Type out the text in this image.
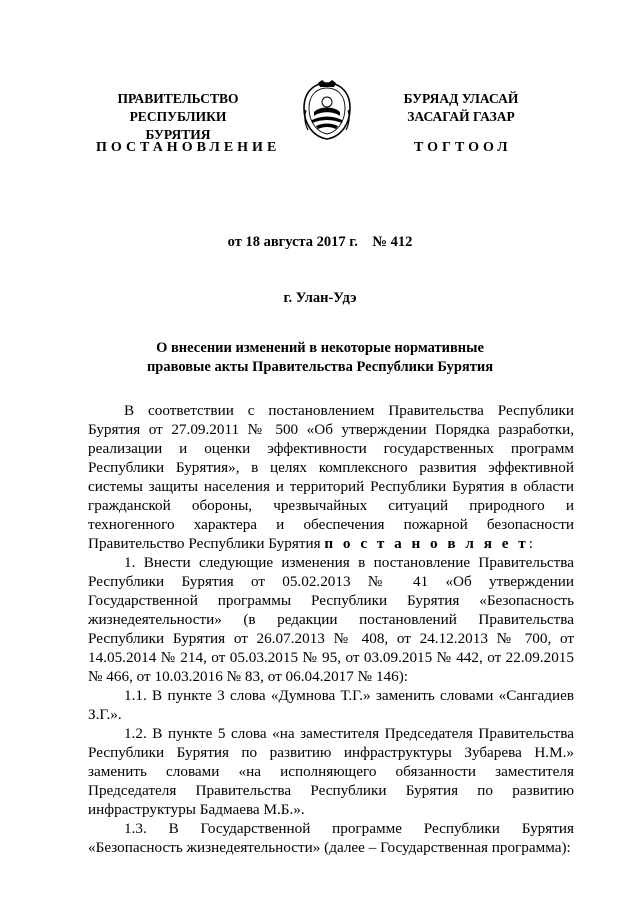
ПРАВИТЕЛЬСТВО
РЕСПУБЛИКИ БУРЯТИЯ
БУРЯАД УЛАСАЙ
ЗАСАГАЙ ГАЗАР
ПОСТАНОВЛЕНИЕ	ТОГТООЛ
от 18 августа 2017 г.    № 412
г. Улан-Удэ
О внесении изменений в некоторые нормативные
правовые акты Правительства Республики Бурятия

В соответствии с постановлением Правительства Республики Бурятия от 27.09.2011 № 500 «Об утверждении Порядка разработки, реализации и оценки эффективности государственных программ Республики Бурятия», в целях комплексного развития эффективной системы защиты населения и территорий Республики Бурятия в области гражданской обороны, чрезвычайных ситуаций природного и техногенного характера и обеспечения пожарной безопасности Правительство Республики Бурятия п о с т а н о в л я е т:

1. Внести следующие изменения в постановление Правительства Республики Бурятия от 05.02.2013 № 41 «Об утверждении Государственной программы Республики Бурятия «Безопасность жизнедеятельности» (в редакции постановлений Правительства Республики Бурятия от 26.07.2013 № 408, от 24.12.2013 № 700, от 14.05.2014 № 214, от 05.03.2015 № 95, от 03.09.2015 № 442, от 22.09.2015 № 466, от 10.03.2016 № 83, от 06.04.2017 № 146):

1.1. В пункте 3 слова «Думнова Т.Г.» заменить словами «Сангадиев З.Г.».

1.2. В пункте 5 слова «на заместителя Председателя Правительства Республики Бурятия по развитию инфраструктуры Зубарева Н.М.» заменить словами «на исполняющего обязанности заместителя Председателя Правительства Республики Бурятия по развитию инфраструктуры Бадмаева М.Б.».

1.3. В Государственной программе Республики Бурятия «Безопасность жизнедеятельности» (далее – Государственная программа):
